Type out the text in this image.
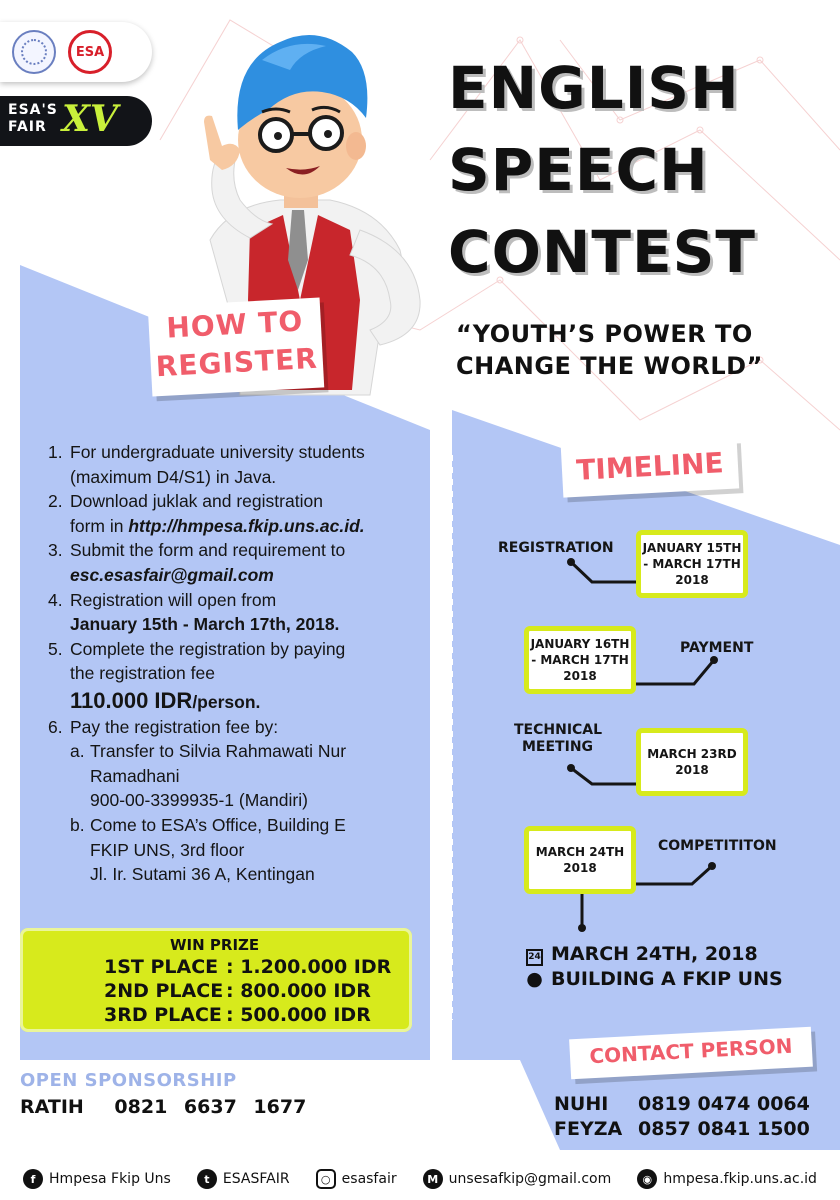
ESA
ESA'S FAIR XV	ENGLISH
SPEECH
CONTEST
“YOUTH’S POWER TO
CHANGE THE WORLD”
HOW TO
REGISTER
1. For undergraduate university students
(maximum D4/S1) in Java.
2. Download juklak and registration
form in http://hmpesa.fkip.uns.ac.id.
3. Submit the form and requirement to
esc.esasfair@gmail.com
4. Registration will open from
January 15th - March 17th, 2018.
5. Complete the registration by paying
the registration fee
110.000 IDR/person.
6. Pay the registration fee by:
a. Transfer to Silvia Rahmawati Nur
Ramadhani
900-00-3399935-1 (Mandiri)
b. Come to ESA’s Office, Building E
FKIP UNS, 3rd floor
Jl. Ir. Sutami 36 A, Kentingan
WIN PRIZE
1ST PLACE : 1.200.000 IDR
2ND PLACE : 800.000 IDR
3RD PLACE : 500.000 IDR
OPEN SPONSORSHIP
RATIH 0821 6637 1677
TIMELINE
REGISTRATION
PAYMENT
TECHNICAL
MEETING
COMPETITITON
JANUARY 15TH
- MARCH 17TH
2018
JANUARY 16TH
- MARCH 17TH
2018
MARCH 23RD
2018
MARCH 24TH
2018
24 MARCH 24TH, 2018
● BUILDING A FKIP UNS
CONTACT PERSON
NUHI 0819 0474 0064
FEYZA 0857 0841 1500
f Hmpesa Fkip Uns	t ESASFAIR	○ esasfair	M unsesafkip@gmail.com	◉ hmpesa.fkip.uns.ac.id
